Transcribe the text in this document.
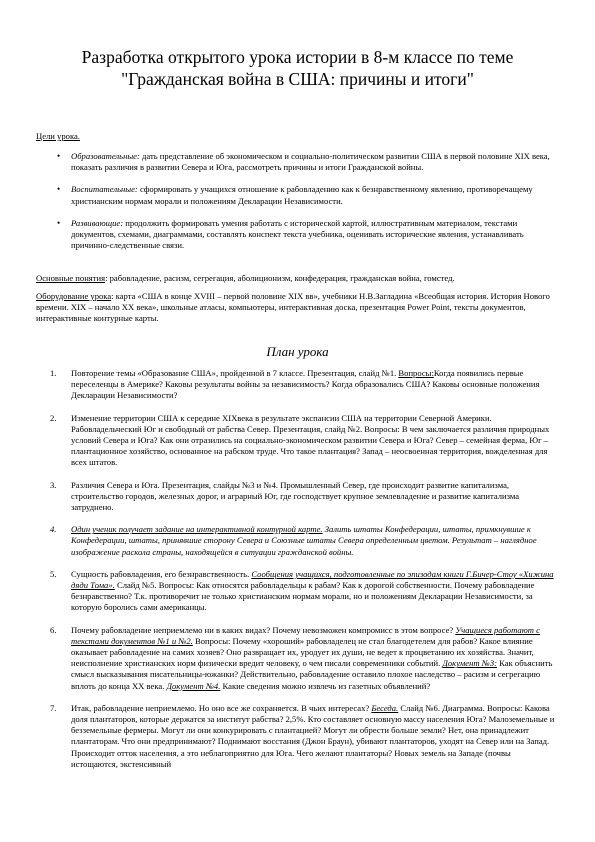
Разработка открытого урока истории в 8-м классе по теме "Гражданская война в США: причины и итоги"
Цели урока.
• Образовательные: дать представление об экономическом и социально-политическом развитии США в первой половине XIX века, показать различия в развитии Севера и Юга, рассмотреть причины и итоги Гражданской войны.
• Воспитательные: сформировать у учащихся отношение к рабовладению как к безнравственному явлению, противоречащему христианским нормам морали и положениям Декларации Независимости.
• Развивающие: продолжить формировать умения работать с исторической картой, иллюстративным материалом, текстами документов, схемами, диаграммами, составлять конспект текста учебника, оценивать исторические явления, устанавливать причинно-следственные связи.
Основные понятия: рабовладение, расизм, сегрегация, аболиционизм, конфедерация, гражданская война, гомстед.
Оборудование урока: карта «США в конце XVIII – первой половине XIX вв», учебники Н.В.Загладина «Всеобщая история. История Нового времени. XIX – начало XX века», школьные атласы, компьютеры, интерактивная доска, презентация Power Point, тексты документов, интерактивные контурные карты.
План урока
1. Повторение темы «Образование США», пройденной в 7 классе. Презентация, слайд №1. Вопросы:Когда появились первые переселенцы в Америке? Каковы результаты войны за независимость? Когда образовались США? Каковы основные положения Декларации Независимости?
2. Изменение территории США к середине XIXвека в результате экспансии США на территории Северной Америки. Рабовладельческий Юг и свободный от рабства Север. Презентация, слайд №2. Вопросы: В чем заключается различия природных условий Севера и Юга? Как они отразились на социально-экономическом развитии Севера и Юга? Север – семейная ферма, Юг – плантационное хозяйство, основанное на рабском труде. Что такое плантация? Запад – неосвоенная территория, вожделенная для всех штатов.
3. Различия Севера и Юга. Презентация, слайды №3 и №4. Промышленный Север, где происходит развитие капитализма, строительство городов, железных дорог, и аграрный Юг, где господствует крупное землевладение и развитие капитализма затруднено.
4. Один ученик получает задание на интерактивной контурной карте. Залить штаты Конфедерации, штаты, примкнувшие к Конфедерации, штаты, принявшие сторону Севера и Союзные штаты Севера определенным цветом. Результат – наглядное изображение раскола страны, находящейся в ситуации гражданской войны.
5. Сущность рабовладения, его безнравственность. Сообщения учащихся, подготовленные по эпизодам книги Г.Бичер-Стоу «Хижина дяди Тома». Слайд №5. Вопросы: Как относятся рабовладельцы к рабам? Как к дорогой собственности. Почему рабовладение безнравственно? Т.к. противоречит не только христианским нормам морали, но и положениям Декларации Независимости, за которую боролись сами американцы.
6. Почему рабовладение неприемлемо ни в каких видах? Почему невозможен компромисс в этом вопросе? Учащиеся работают с текстами документов №1 и №2. Вопросы: Почему «хороший» рабовладелец не стал благодетелем для рабов? Какое влияние оказывает рабовладение на самих хозяев? Оно развращает их, уродует их души, не ведет к процветанию их хозяйства. Значит, неисполнение христианских норм физически вредит человеку, о чем писали современники событий. Документ №3: Как объяснить смысл высказывания писательницы-южанки? Действительно, рабовладение оставило плохое наследство – расизм и сегрегацию вплоть до конца XX века. Документ №4. Какие сведения можно извлечь из газетных объявлений?
7. Итак, рабовладение неприемлемо. Но оно все же сохраняется. В чьих интересах? Беседа. Слайд №6. Диаграмма. Вопросы: Какова доля плантаторов, которые держатся за институт рабства? 2,5%. Кто составляет основную массу населения Юга? Малоземельные и безземельные фермеры. Могут ли они конкурировать с плантацией? Могут ли обрести больше земли? Нет, она принадлежит плантаторам. Что они предпринимают? Поднимают восстания (Джон Браун), убивают плантаторов, уходят на Север или на Запад. Происходит отток населения, а это неблагоприятно для Юга. Чего желают плантаторы? Новых земель на Западе (почвы истощаются, экстенсивный
